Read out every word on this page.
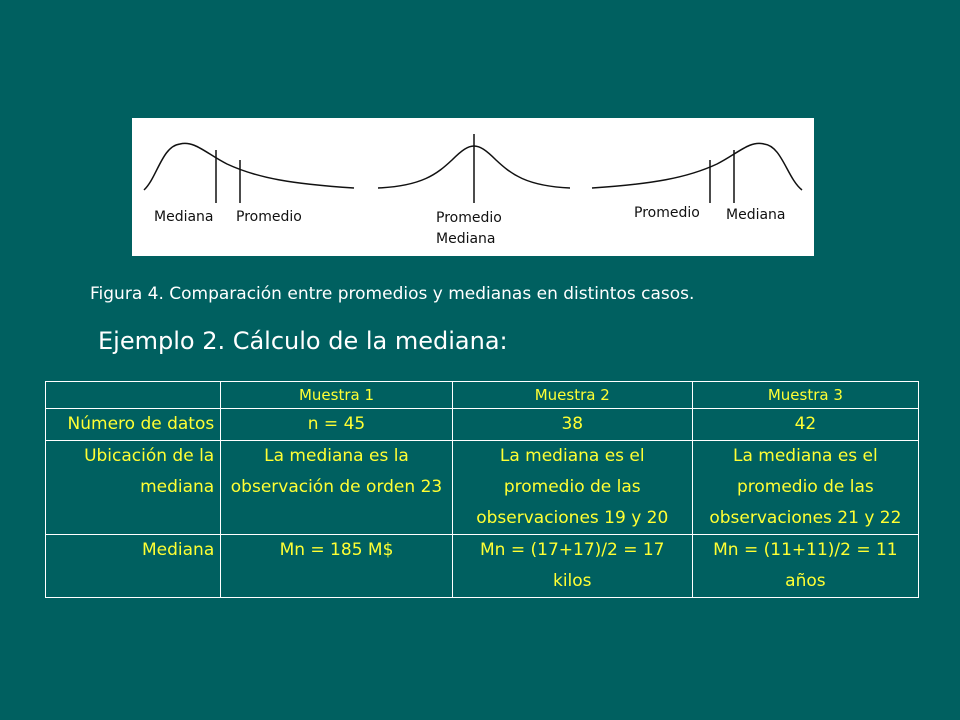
Mediana Promedio	Promedio
Mediana
Promedio Mediana
Figura 4. Comparación entre promedios y medianas en distintos casos.
Ejemplo 2. Cálculo de la mediana:
	Muestra 1	Muestra 2	Muestra 3
Número de datos	n = 45	38	42
Ubicación de la mediana	La mediana es la observación de orden 23	La mediana es el promedio de las observaciones 19 y 20	La mediana es el promedio de las observaciones 21 y 22
Mediana	Mn = 185 M$	Mn = (17+17)/2 = 17 kilos	Mn = (11+11)/2 = 11 años
